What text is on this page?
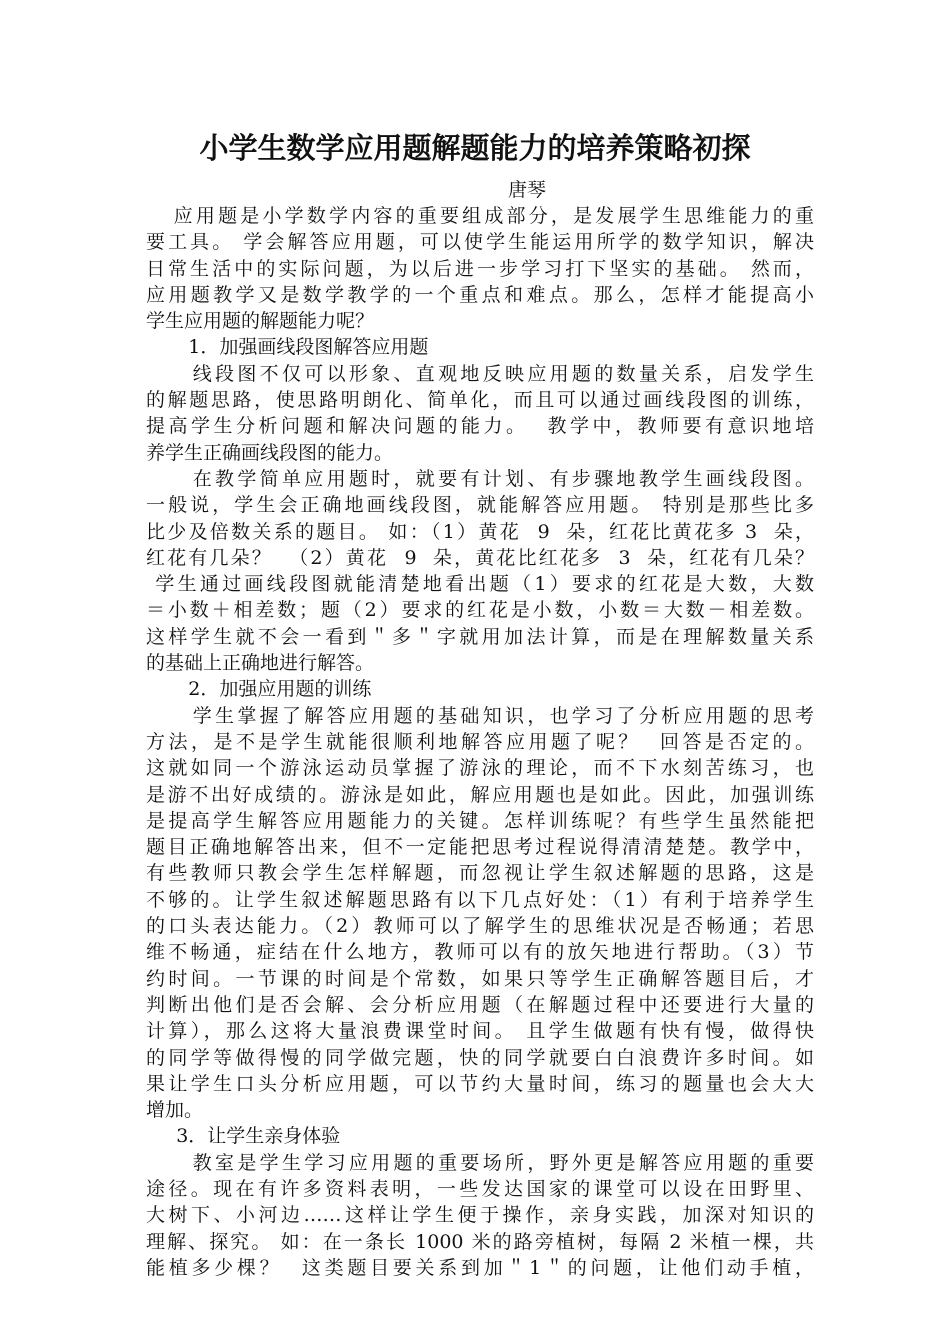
小学生数学应用题解题能力的培养策略初探
唐琴
应用题是小学数学内容的重要组成部分，是发展学生思维能力的重
要工具。 学会解答应用题，可以使学生能运用所学的数学知识，解决
日常生活中的实际问题，为以后进一步学习打下坚实的基础。 然而，
应用题教学又是数学教学的一个重点和难点。那么，怎样才能提高小
学生应用题的解题能力呢？
1．加强画线段图解答应用题
线段图不仅可以形象、直观地反映应用题的数量关系，启发学生
的解题思路，使思路明朗化、简单化，而且可以通过画线段图的训练，
提高学生分析问题和解决问题的能力。  教学中，教师要有意识地培
养学生正确画线段图的能力。
在教学简单应用题时，就要有计划、有步骤地教学生画线段图。
一般说，学生会正确地画线段图，就能解答应用题。 特别是那些比多
比少及倍数关系的题目。 如：（1）黄花  9  朵，红花比黄花多 3  朵，
红花有几朵？  （2）黄花  9  朵，黄花比红花多  3  朵，红花有几朵？
学生通过画线段图就能清楚地看出题（1）要求的红花是大数，大数
＝小数＋相差数；题（2）要求的红花是小数，小数＝大数－相差数。
这样学生就不会一看到＂多＂字就用加法计算，而是在理解数量关系
的基础上正确地进行解答。
2．加强应用题的训练
学生掌握了解答应用题的基础知识，也学习了分析应用题的思考
方法，是不是学生就能很顺利地解答应用题了呢？  回答是否定的。
这就如同一个游泳运动员掌握了游泳的理论，而不下水刻苦练习，也
是游不出好成绩的。游泳是如此，解应用题也是如此。因此，加强训练
是提高学生解答应用题能力的关键。怎样训练呢？有些学生虽然能把
题目正确地解答出来，但不一定能把思考过程说得清清楚楚。教学中，
有些教师只教会学生怎样解题，而忽视让学生叙述解题的思路，这是
不够的。让学生叙述解题思路有以下几点好处：（1）有利于培养学生
的口头表达能力。（2）教师可以了解学生的思维状况是否畅通；若思
维不畅通，症结在什么地方，教师可以有的放矢地进行帮助。（3）节
约时间。一节课的时间是个常数，如果只等学生正确解答题目后，才
判断出他们是否会解、会分析应用题（在解题过程中还要进行大量的
计算），那么这将大量浪费课堂时间。 且学生做题有快有慢，做得快
的同学等做得慢的同学做完题，快的同学就要白白浪费许多时间。如
果让学生口头分析应用题，可以节约大量时间，练习的题量也会大大
增加。
3．让学生亲身体验
教室是学生学习应用题的重要场所，野外更是解答应用题的重要
途径。现在有许多资料表明，一些发达国家的课堂可以设在田野里、
大树下、小河边……这样让学生便于操作，亲身实践，加深对知识的
理解、探究。 如：在一条长 1000 米的路旁植树，每隔 2 米植一棵，共
能植多少棵？  这类题目要关系到加＂1＂的问题，让他们动手植，
